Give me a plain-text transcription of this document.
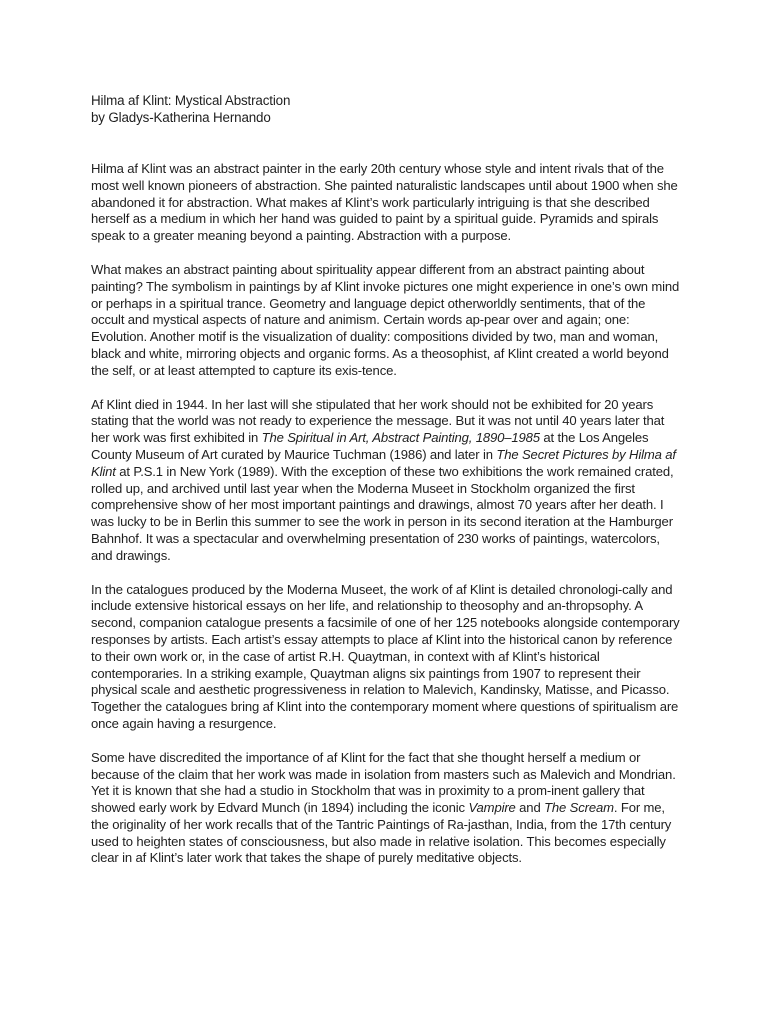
Hilma af Klint: Mystical Abstraction

by Gladys-Katherina Hernando

Hilma af Klint was an abstract painter in the early 20th century whose style and intent rivals that of the most well known pioneers of abstraction. She painted naturalistic landscapes until about 1900 when she abandoned it for abstraction. What makes af Klint’s work particularly intriguing is that she described herself as a medium in which her hand was guided to paint by a spiritual guide. Pyramids and spirals speak to a greater meaning beyond a painting. Abstraction with a purpose.

What makes an abstract painting about spirituality appear different from an abstract painting about painting? The symbolism in paintings by af Klint invoke pictures one might experience in one’s own mind or perhaps in a spiritual trance. Geometry and language depict otherworldly sentiments, that of the occult and mystical aspects of nature and animism. Certain words ap-pear over and again; one: Evolution. Another motif is the visualization of duality: compositions divided by two, man and woman, black and white, mirroring objects and organic forms. As a theosophist, af Klint created a world beyond the self, or at least attempted to capture its exis-tence.

Af Klint died in 1944. In her last will she stipulated that her work should not be exhibited for 20 years stating that the world was not ready to experience the message. But it was not until 40 years later that her work was first exhibited in The Spiritual in Art, Abstract Painting, 1890–1985 at the Los Angeles County Museum of Art curated by Maurice Tuchman (1986) and later in The Secret Pictures by Hilma af Klint at P.S.1 in New York (1989). With the exception of these two exhibitions the work remained crated, rolled up, and archived until last year when the Moderna Museet in Stockholm organized the first comprehensive show of her most important paintings and drawings, almost 70 years after her death. I was lucky to be in Berlin this summer to see the work in person in its second iteration at the Hamburger Bahnhof. It was a spectacular and overwhelming presentation of 230 works of paintings, watercolors, and drawings.

In the catalogues produced by the Moderna Museet, the work of af Klint is detailed chronologi-cally and include extensive historical essays on her life, and relationship to theosophy and an-thropsophy. A second, companion catalogue presents a facsimile of one of her 125 notebooks alongside contemporary responses by artists. Each artist’s essay attempts to place af Klint into the historical canon by reference to their own work or, in the case of artist R.H. Quaytman, in context with af Klint’s historical contemporaries. In a striking example, Quaytman aligns six paintings from 1907 to represent their physical scale and aesthetic progressiveness in relation to Malevich, Kandinsky, Matisse, and Picasso. Together the catalogues bring af Klint into the contemporary moment where questions of spiritualism are once again having a resurgence.

Some have discredited the importance of af Klint for the fact that she thought herself a medium or because of the claim that her work was made in isolation from masters such as Malevich and Mondrian. Yet it is known that she had a studio in Stockholm that was in proximity to a prom-inent gallery that showed early work by Edvard Munch (in 1894) including the iconic Vampire and The Scream. For me, the originality of her work recalls that of the Tantric Paintings of Ra-jasthan, India, from the 17th century used to heighten states of consciousness, but also made in relative isolation. This becomes especially clear in af Klint’s later work that takes the shape of purely meditative objects.
